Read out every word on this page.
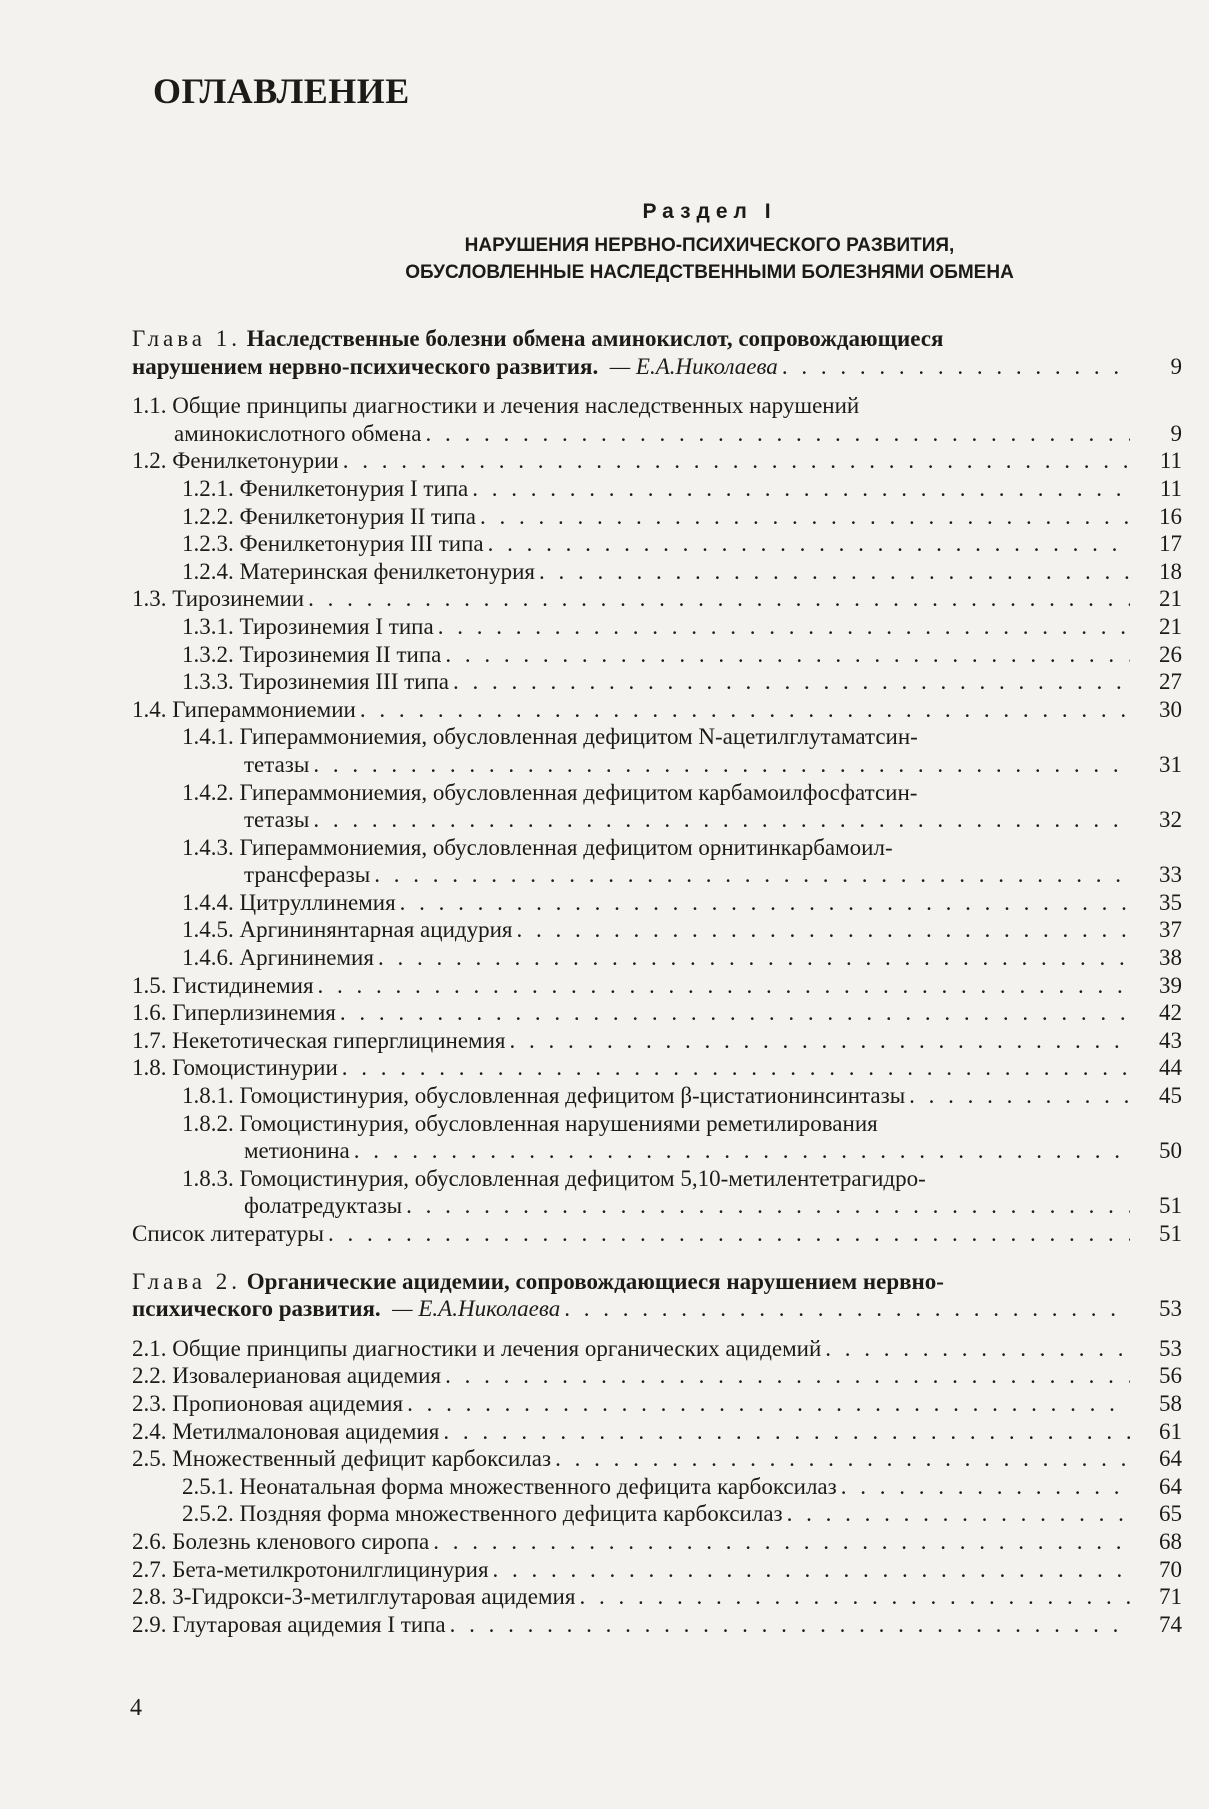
ОГЛАВЛЕНИЕ
Раздел I
НАРУШЕНИЯ НЕРВНО-ПСИХИЧЕСКОГО РАЗВИТИЯ,
ОБУСЛОВЛЕННЫЕ НАСЛЕДСТВЕННЫМИ БОЛЕЗНЯМИ ОБМЕНА
Глава 1. Наследственные болезни обмена аминокислот, сопровождающиеся
нарушением нервно-психического развития. — Е.А.Николаева . . .	9
1.1. Общие принципы диагностики и лечения наследственных нарушений
аминокислотного обмена . . .	9
1.2. Фенилкетонурии . . .	11
1.2.1. Фенилкетонурия I типа . . .	11
1.2.2. Фенилкетонурия II типа . . .	16
1.2.3. Фенилкетонурия III типа . . .	17
1.2.4. Материнская фенилкетонурия . . .	18
1.3. Тирозинемии . . .	21
1.3.1. Тирозинемия I типа . . .	21
1.3.2. Тирозинемия II типа . . .	26
1.3.3. Тирозинемия III типа . . .	27
1.4. Гипераммониемии . . .	30
1.4.1. Гипераммониемия, обусловленная дефицитом N-ацетилглутаматсин-
тетазы . . .	31
1.4.2. Гипераммониемия, обусловленная дефицитом карбамоилфосфатсин-
тетазы . . .	32
1.4.3. Гипераммониемия, обусловленная дефицитом орнитинкарбамоил-
трансферазы . . .	33
1.4.4. Цитруллинемия . . .	35
1.4.5. Аргининянтарная ацидурия . . .	37
1.4.6. Аргининемия . . .	38
1.5. Гистидинемия . . .	39
1.6. Гиперлизинемия . . .	42
1.7. Некетотическая гиперглицинемия . . .	43
1.8. Гомоцистинурии . . .	44
1.8.1. Гомоцистинурия, обусловленная дефицитом β-цистатионинсинтазы . . .	45
1.8.2. Гомоцистинурия, обусловленная нарушениями реметилирования
метионина . . .	50
1.8.3. Гомоцистинурия, обусловленная дефицитом 5,10-метилентетрагидро-
фолатредуктазы . . .	51
Список литературы . . .	51
Глава 2. Органические ацидемии, сопровождающиеся нарушением нервно-
психического развития. — Е.А.Николаева . . .	53
2.1. Общие принципы диагностики и лечения органических ацидемий . . .	53
2.2. Изовалериановая ацидемия . . .	56
2.3. Пропионовая ацидемия . . .	58
2.4. Метилмалоновая ацидемия . . .	61
2.5. Множественный дефицит карбоксилаз . . .	64
2.5.1. Неонатальная форма множественного дефицита карбоксилаз . . .	64
2.5.2. Поздняя форма множественного дефицита карбоксилаз . . .	65
2.6. Болезнь кленового сиропа . . .	68
2.7. Бета-метилкротонилглицинурия . . .	70
2.8. 3-Гидрокси-3-метилглутаровая ацидемия . . .	71
2.9. Глутаровая ацидемия I типа . . .	74
4
